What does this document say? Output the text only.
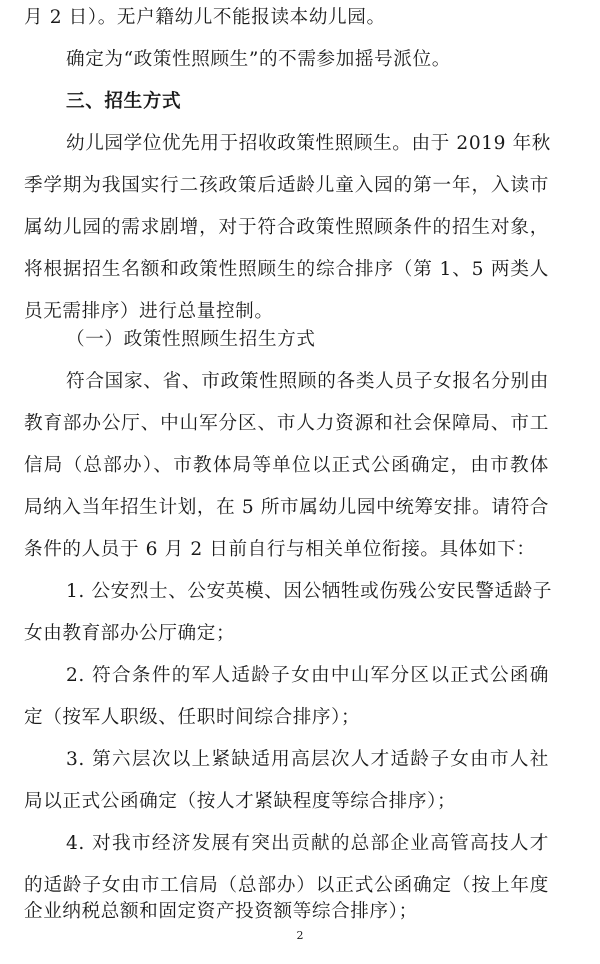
月 2 日）。无户籍幼儿不能报读本幼儿园。
确定为“政策性照顾生”的不需参加摇号派位。
三、招生方式
幼儿园学位优先用于招收政策性照顾生。由于 2019 年秋
季学期为我国实行二孩政策后适龄儿童入园的第一年，入读市
属幼儿园的需求剧增，对于符合政策性照顾条件的招生对象，
将根据招生名额和政策性照顾生的综合排序（第 1、5 两类人
员无需排序）进行总量控制。
（一）政策性照顾生招生方式
符合国家、省、市政策性照顾的各类人员子女报名分别由
教育部办公厅、中山军分区、市人力资源和社会保障局、市工
信局（总部办）、市教体局等单位以正式公函确定，由市教体
局纳入当年招生计划，在 5 所市属幼儿园中统筹安排。请符合
条件的人员于 6 月 2 日前自行与相关单位衔接。具体如下：
1. 公安烈士、公安英模、因公牺牲或伤残公安民警适龄子
女由教育部办公厅确定；
2. 符合条件的军人适龄子女由中山军分区以正式公函确
定（按军人职级、任职时间综合排序）；
3. 第六层次以上紧缺适用高层次人才适龄子女由市人社
局以正式公函确定（按人才紧缺程度等综合排序）；
4. 对我市经济发展有突出贡献的总部企业高管高技人才
的适龄子女由市工信局（总部办）以正式公函确定（按上年度
企业纳税总额和固定资产投资额等综合排序）；
2
